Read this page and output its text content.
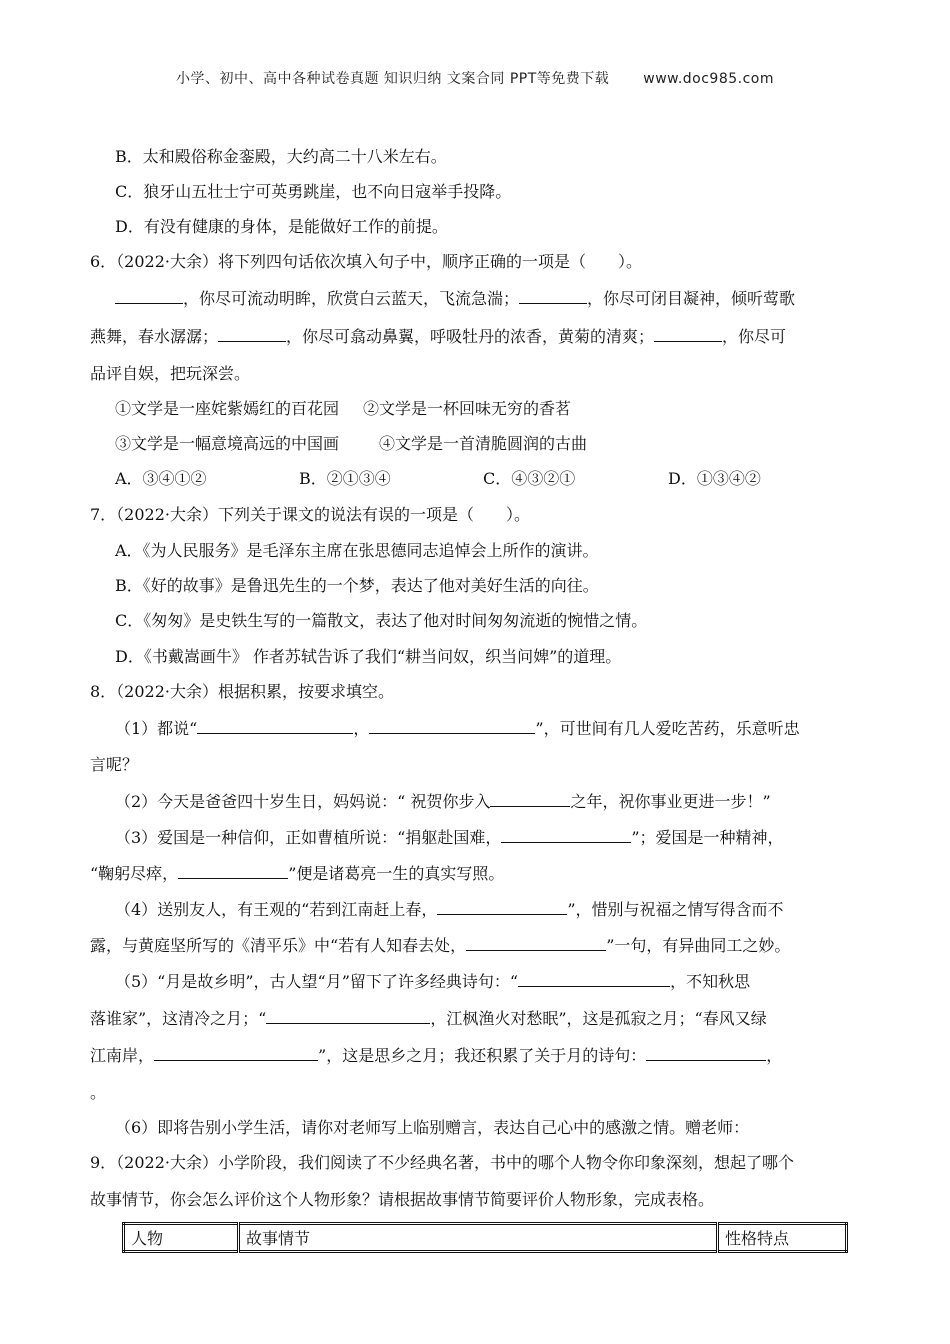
小学、初中、高中各种试卷真题 知识归纳 文案合同 PPT等免费下载 www.doc985.com
B．太和殿俗称金銮殿，大约高二十八米左右。
C．狼牙山五壮士宁可英勇跳崖，也不向日寇举手投降。
D．有没有健康的身体，是能做好工作的前提。
6．（2022·大余）将下列四句话依次填入句子中，顺序正确的一项是（　　）。
，你尽可流动明眸，欣赏白云蓝天，飞流急湍；	，你尽可闭目凝神，倾听莺歌
燕舞，春水潺潺；	，你尽可翕动鼻翼，呼吸牡丹的浓香，黄菊的清爽；	，你尽可
品评自娱，把玩深尝。
①文学是一座姹紫嫣红的百花园 ②文学是一杯回味无穷的香茗
③文学是一幅意境高远的中国画	④文学是一首清脆圆润的古曲
A．③④①②	B．②①③④	C．④③②①	D．①③④②
7．（2022·大余）下列关于课文的说法有误的一项是（　　）。
A．《为人民服务》是毛泽东主席在张思德同志追悼会上所作的演讲。
B．《好的故事》是鲁迅先生的一个梦，表达了他对美好生活的向往。
C．《匆匆》是史铁生写的一篇散文，表达了他对时间匆匆流逝的惋惜之情。
D．《书戴嵩画牛》 作者苏轼告诉了我们“耕当问奴，织当问婢”的道理。
8．（2022·大余）根据积累，按要求填空。
（1）都说“	，	”，可世间有几人爱吃苦药，乐意听忠
言呢？
（2）今天是爸爸四十岁生日，妈妈说：“ 祝贺你步入	之年，祝你事业更进一步！”
（3）爱国是一种信仰，正如曹植所说：“捐躯赴国难，	”；爱国是一种精神，
“鞠躬尽瘁，	”便是诸葛亮一生的真实写照。
（4）送别友人，有王观的“若到江南赶上春，	”，惜别与祝福之情写得含而不
露，与黄庭坚所写的《清平乐》中“若有人知春去处，	”一句，有异曲同工之妙。
（5）“月是故乡明”，古人望“月”留下了许多经典诗句：“	，不知秋思
落谁家”，这清冷之月；“	，江枫渔火对愁眠”，这是孤寂之月；“春风又绿
江南岸，	”，这是思乡之月；我还积累了关于月的诗句：	，
。
（6）即将告别小学生活，请你对老师写上临别赠言，表达自己心中的感激之情。赠老师：
9．（2022·大余）小学阶段，我们阅读了不少经典名著，书中的哪个人物令你印象深刻，想起了哪个
故事情节，你会怎么评价这个人物形象？请根据故事情节简要评价人物形象，完成表格。
人物	故事情节	性格特点
